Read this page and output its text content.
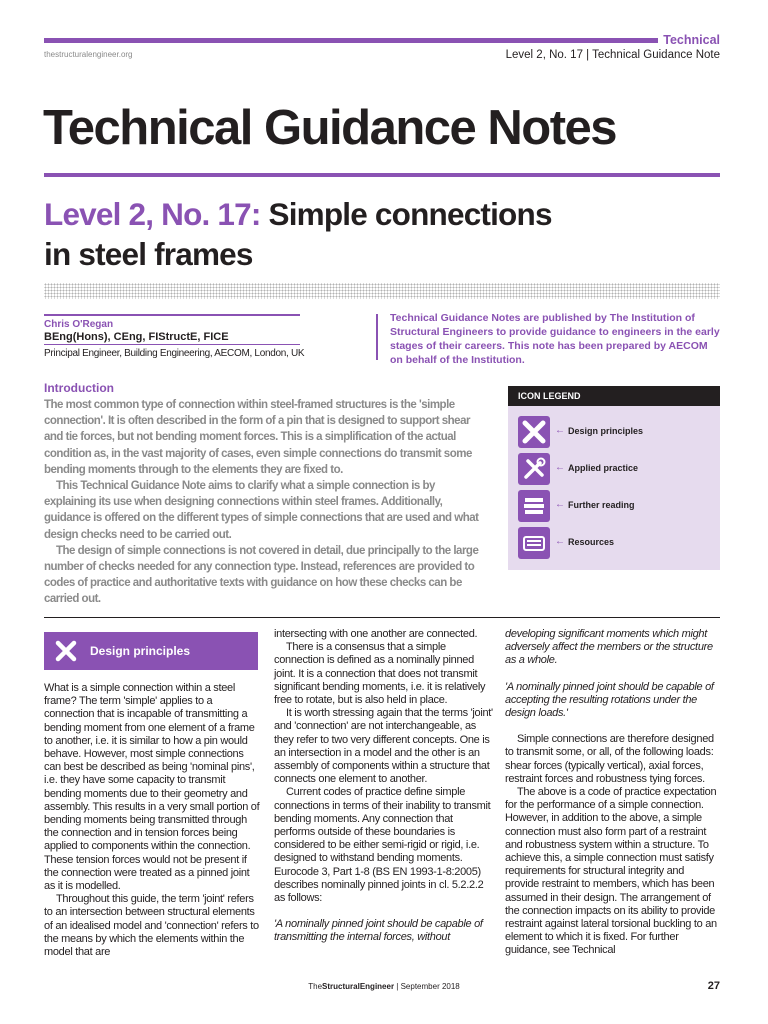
Technical
thestructuralengineer.org	Level 2, No. 17 | Technical Guidance Note
Technical Guidance Notes
Level 2, No. 17: Simple connections
in steel frames
Chris O'Regan
BEng(Hons), CEng, FIStructE, FICE
Principal Engineer, Building Engineering, AECOM, London, UK
Technical Guidance Notes are published by The Institution of Structural Engineers to provide guidance to engineers in the early stages of their careers. This note has been prepared by AECOM on behalf of the Institution.
Introduction

The most common type of connection within steel-framed structures is the 'simple connection'. It is often described in the form of a pin that is designed to support shear and tie forces, but not bending moment forces. This is a simplification of the actual condition as, in the vast majority of cases, even simple connections do transmit some bending moments through to the elements they are fixed to.

This Technical Guidance Note aims to clarify what a simple connection is by explaining its use when designing connections within steel frames. Additionally, guidance is offered on the different types of simple connections that are used and what design checks need to be carried out.

The design of simple connections is not covered in detail, due principally to the large number of checks needed for any connection type. Instead, references are provided to codes of practice and authoritative texts with guidance on how these checks can be carried out.

ICON LEGEND
← Design principles
← Applied practice
← Further reading
← Resources
Design principles

What is a simple connection within a steel frame? The term 'simple' applies to a connection that is incapable of transmitting a bending moment from one element of a frame to another, i.e. it is similar to how a pin would behave. However, most simple connections can best be described as being 'nominal pins', i.e. they have some capacity to transmit bending moments due to their geometry and assembly. This results in a very small portion of bending moments being transmitted through the connection and in tension forces being applied to components within the connection. These tension forces would not be present if the connection were treated as a pinned joint as it is modelled.

Throughout this guide, the term 'joint' refers to an intersection between structural elements of an idealised model and 'connection' refers to the means by which the elements within the model that are

intersecting with one another are connected.

There is a consensus that a simple connection is defined as a nominally pinned joint. It is a connection that does not transmit significant bending moments, i.e. it is relatively free to rotate, but is also held in place.

It is worth stressing again that the terms 'joint' and 'connection' are not interchangeable, as they refer to two very different concepts. One is an intersection in a model and the other is an assembly of components within a structure that connects one element to another.

Current codes of practice define simple connections in terms of their inability to transmit bending moments. Any connection that performs outside of these boundaries is considered to be either semi-rigid or rigid, i.e. designed to withstand bending moments. Eurocode 3, Part 1-8 (BS EN 1993-1-8:2005) describes nominally pinned joints in cl. 5.2.2.2 as follows:

'A nominally pinned joint should be capable of transmitting the internal forces, without

developing significant moments which might adversely affect the members or the structure as a whole.

'A nominally pinned joint should be capable of accepting the resulting rotations under the design loads.'

Simple connections are therefore designed to transmit some, or all, of the following loads: shear forces (typically vertical), axial forces, restraint forces and robustness tying forces.

The above is a code of practice expectation for the performance of a simple connection. However, in addition to the above, a simple connection must also form part of a restraint and robustness system within a structure. To achieve this, a simple connection must satisfy requirements for structural integrity and provide restraint to members, which has been assumed in their design. The arrangement of the connection impacts on its ability to provide restraint against lateral torsional buckling to an element to which it is fixed. For further guidance, see Technical

TheStructuralEngineer | September 2018	27
